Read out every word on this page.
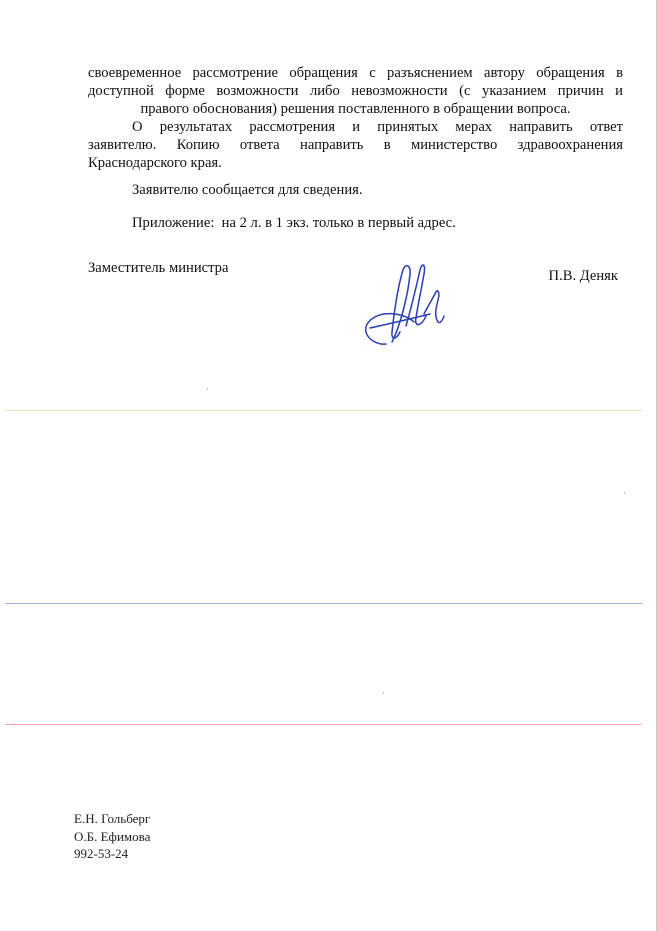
своевременное рассмотрение обращения с разъяснением автору обращения в
доступной форме возможности либо невозможности (с указанием причин и
правого обоснования) решения поставленного в обращении вопроса.

О результатах рассмотрения и принятых мерах направить ответ
заявителю. Копию ответа направить в министерство здравоохранения
Краснодарского края.

Заявителю сообщается для сведения.

Приложение:  на 2 л. в 1 экз. только в первый адрес.

Заместитель министра	П.В. Деняк
Е.Н. Гольберг
О.Б. Ефимова
992-53-24
